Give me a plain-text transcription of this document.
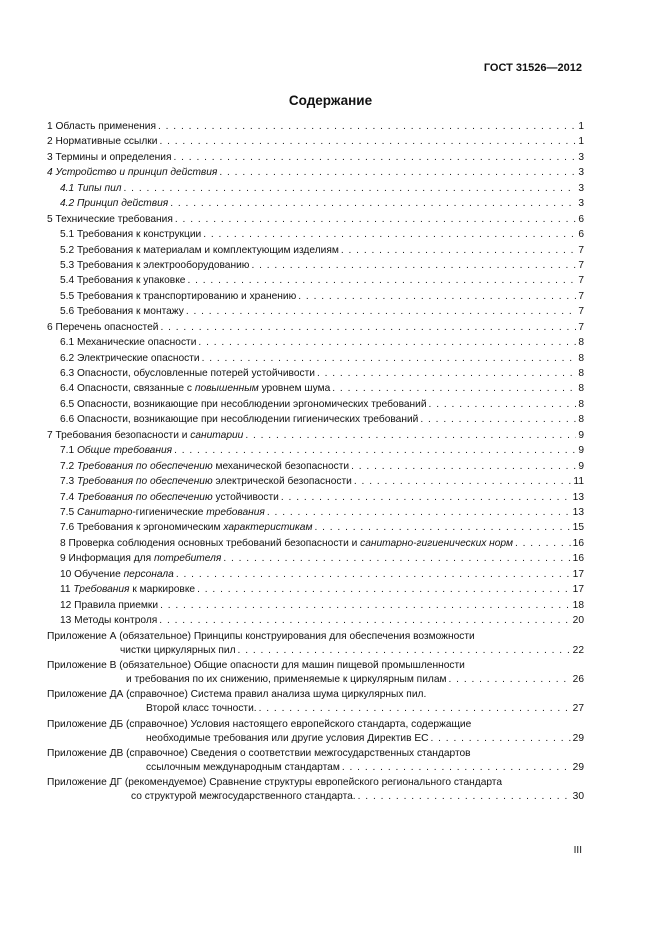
ГОСТ 31526—2012
Содержание
1 Область применения . . .	1
2 Нормативные ссылки . . .	1
3 Термины и определения . . .	3
4 Устройство и принцип действия . . .	3
4.1 Типы пил . . .	3
4.2 Принцип действия . . .	3
5 Технические требования . . .	6
5.1 Требования к конструкции . . .	6
5.2 Требования к материалам и комплектующим изделиям . . .	7
5.3 Требования к электрооборудованию . . .	7
5.4 Требования к упаковке . . .	7
5.5 Требования к транспортированию и хранению . . .	7
5.6 Требования к монтажу . . .	7
6 Перечень опасностей . . .	7
6.1 Механические опасности . . .	8
6.2 Электрические опасности . . .	8
6.3 Опасности, обусловленные потерей устойчивости . . .	8
6.4 Опасности, связанные с повышенным уровнем шума . . .	8
6.5 Опасности, возникающие при несоблюдении эргономических требований . . .	8
6.6 Опасности, возникающие при несоблюдении гигиенических требований . . .	8
7 Требования безопасности и санитарии . . .	9
7.1 Общие требования . . .	9
7.2 Требования по обеспечению механической безопасности . . .	9
7.3 Требования по обеспечению электрической безопасности . . .	11
7.4 Требования по обеспечению устойчивости . . .	13
7.5 Санитарно-гигиенические требования . . .	13
7.6 Требования к эргономическим характеристикам . . .	15
8 Проверка соблюдения основных требований безопасности и санитарно-гигиенических норм . . .	16
9 Информация для потребителя . . .	16
10 Обучение персонала . . .	17
11 Требования к маркировке . . .	17
12 Правила приемки . . .	18
13 Методы контроля . . .	20
Приложение А (обязательное) Принципы конструирования для обеспечения возможности
чистки циркулярных пил . . .	22
Приложение В (обязательное) Общие опасности для машин пищевой промышленности
и требования по их снижению, применяемые к циркулярным пилам . . .	26
Приложение ДА (справочное) Система правил анализа шума циркулярных пил.
Второй класс точности. . . .	27
Приложение ДБ (справочное) Условия настоящего европейского стандарта, содержащие
необходимые требования или другие условия Директив ЕС . . .	29
Приложение ДВ (справочное) Сведения о соответствии межгосударственных стандартов
ссылочным международным стандартам . . .	29
Приложение ДГ (рекомендуемое) Сравнение структуры европейского регионального стандарта
со структурой межгосударственного стандарта. . . .	30
III
